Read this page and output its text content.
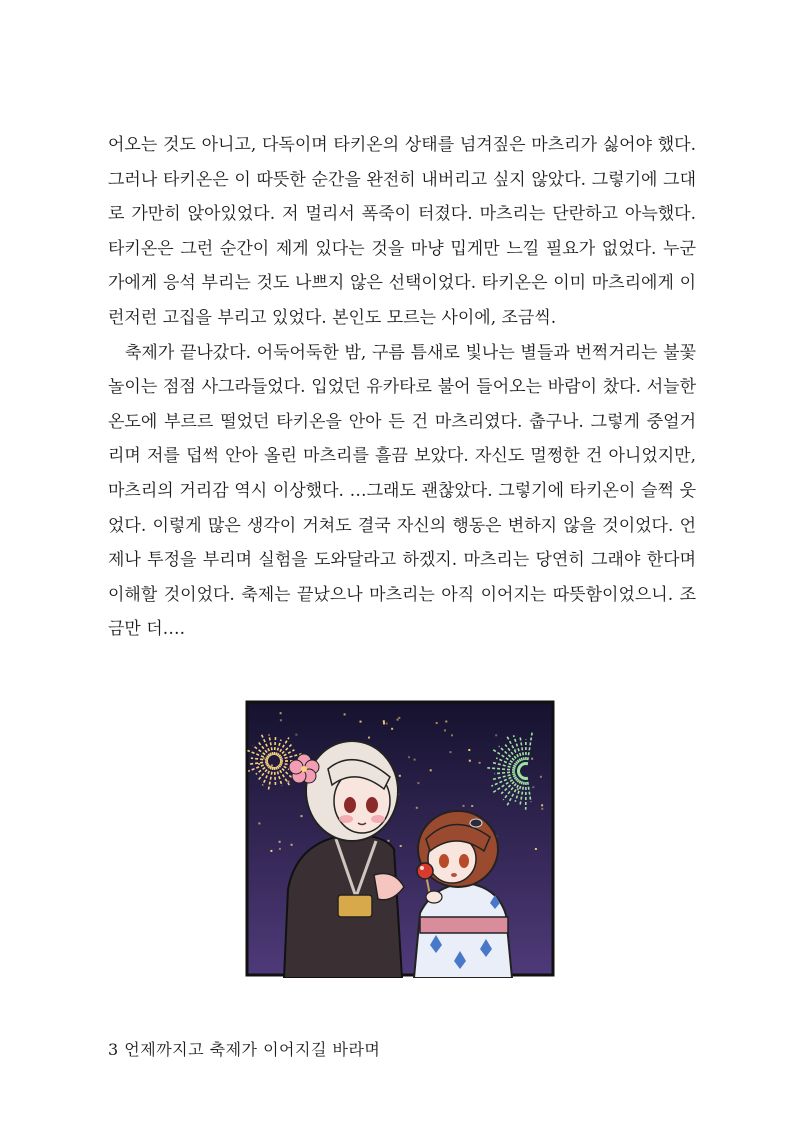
어오는 것도 아니고, 다독이며 타키온의 상태를 넘겨짚은 마츠리가 싫어야 했다. 그러나 타키온은 이 따뜻한 순간을 완전히 내버리고 싶지 않았다. 그렇기에 그대로 가만히 앉아있었다. 저 멀리서 폭죽이 터졌다. 마츠리는 단란하고 아늑했다. 타키온은 그런 순간이 제게 있다는 것을 마냥 밉게만 느낄 필요가 없었다. 누군가에게 응석 부리는 것도 나쁘지 않은 선택이었다. 타키온은 이미 마츠리에게 이런저런 고집을 부리고 있었다. 본인도 모르는 사이에, 조금씩.

축제가 끝나갔다. 어둑어둑한 밤, 구름 틈새로 빛나는 별들과 번쩍거리는 불꽃놀이는 점점 사그라들었다. 입었던 유카타로 불어 들어오는 바람이 찼다. 서늘한 온도에 부르르 떨었던 타키온을 안아 든 건 마츠리였다. 춥구나. 그렇게 중얼거리며 저를 덥썩 안아 올린 마츠리를 흘끔 보았다. 자신도 멀쩡한 건 아니었지만, 마츠리의 거리감 역시 이상했다. …그래도 괜찮았다. 그렇기에 타키온이 슬쩍 웃었다. 이렇게 많은 생각이 거쳐도 결국 자신의 행동은 변하지 않을 것이었다. 언제나 투정을 부리며 실험을 도와달라고 하겠지. 마츠리는 당연히 그래야 한다며 이해할 것이었다. 축제는 끝났으나 마츠리는 아직 이어지는 따뜻함이었으니. 조금만 더….

3 언제까지고 축제가 이어지길 바라며
